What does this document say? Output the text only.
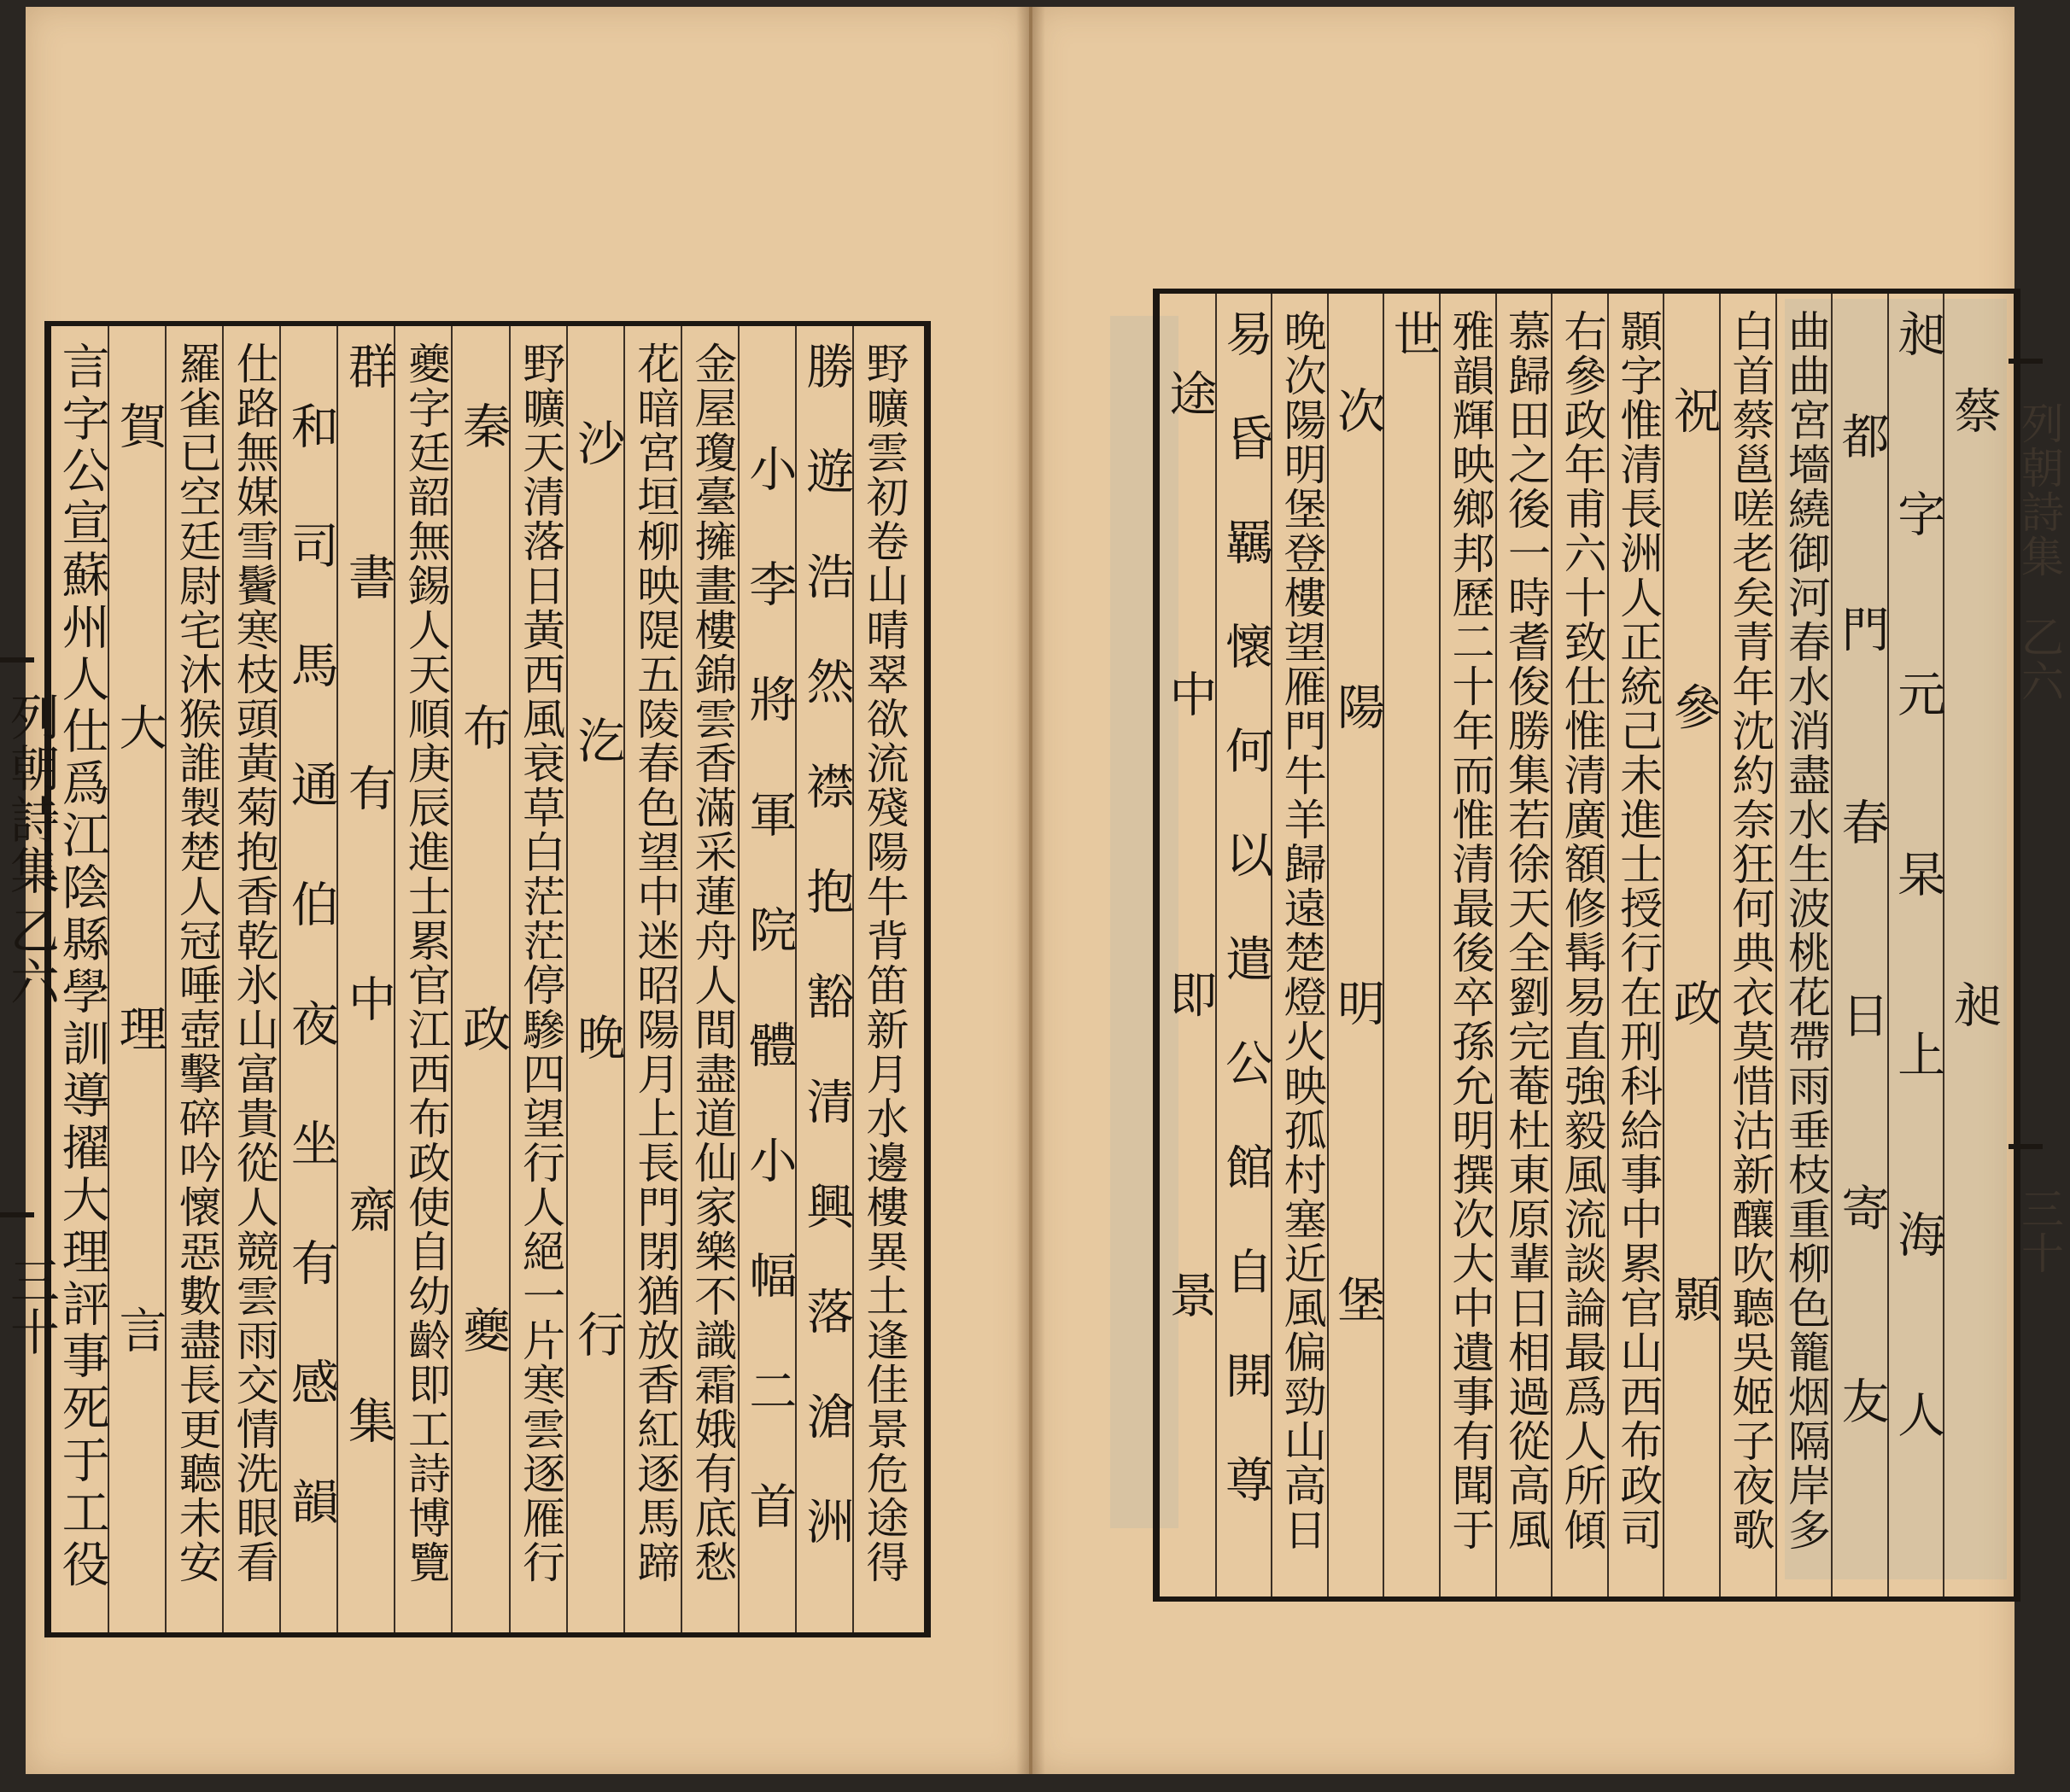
野曠雲初卷山晴翠欲流殘陽牛背笛新月水邊樓異土逢佳景危途得
勝遊浩然襟抱豁清興落滄洲
小李將軍院體小幅二首
金屋瓊臺擁畫樓錦雲香滿采蓮舟人間盡道仙家樂不識霜娥有底愁
花暗宮垣柳映隄五陵春色望中迷昭陽月上長門閉猶放香紅逐馬蹄
沙汔晚行
野曠天清落日黃西風衰草白茫茫停驂四望行人絕一片寒雲逐雁行
秦布政夔
夔字廷韶無錫人天順庚辰進士累官江西布政使自幼齡即工詩博覽
群書有中齋集
和司馬通伯夜坐有感韻
仕路無媒雪鬢寒枝頭黃菊抱香乾氷山富貴從人競雲雨交情洗眼看
羅雀已空廷尉宅沐猴誰製楚人冠唾壺擊碎吟懷惡數盡長更聽未安
賀大理言
言字公宣蘇州人仕爲江陰縣學訓導擢大理評事死于工役
列朝詩集
乙六
三十	蔡昶
昶字元杲上海人
都門春日寄友
曲曲宮墻繞御河春水消盡水生波桃花帶雨垂枝重柳色籠烟隔岸多
白首蔡邕嗟老矣青年沈約奈狂何典衣莫惜沽新釀吹聽吳姬子夜歌
祝參政顥
顥字惟清長洲人正統己未進士授行在刑科給事中累官山西布政司
右參政年甫六十致仕惟清廣額修髯易直強毅風流談論最爲人所傾
慕歸田之後一時耆俊勝集若徐天全劉完菴杜東原輩日相過從高風
雅韻輝映鄉邦歷二十年而惟清最後卒孫允明撰次大中遺事有聞于
世
次陽明堡
晚次陽明堡登樓望雁門牛羊歸遠楚燈火映孤村塞近風偏勁山高日
易昏羈懷何以遣公館自開尊
途中即景	列朝詩集
乙六
三十
